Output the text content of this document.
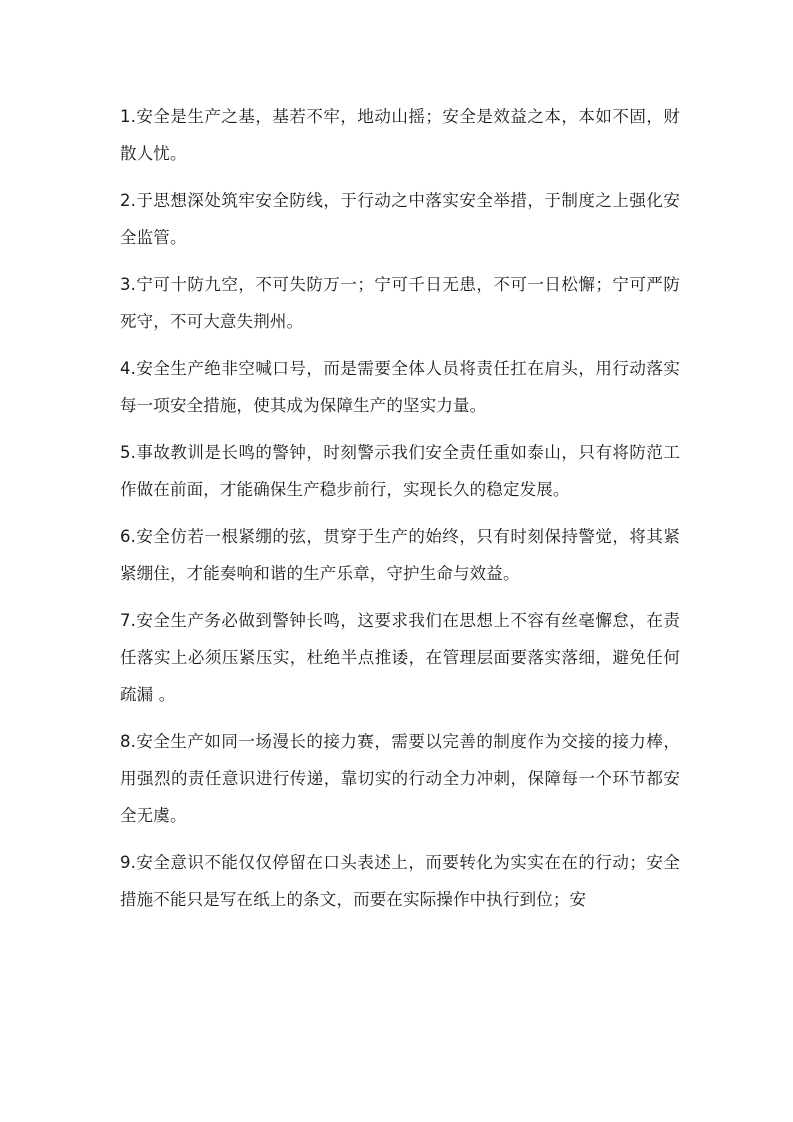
1.安全是生产之基，基若不牢，地动山摇；安全是效益之本，本如不固，财散人忧。

2.于思想深处筑牢安全防线，于行动之中落实安全举措，于制度之上强化安全监管。

3.宁可十防九空，不可失防万一；宁可千日无患，不可一日松懈；宁可严防死守，不可大意失荆州。

4.安全生产绝非空喊口号，而是需要全体人员将责任扛在肩头，用行动落实每一项安全措施，使其成为保障生产的坚实力量。

5.事故教训是长鸣的警钟，时刻警示我们安全责任重如泰山，只有将防范工作做在前面，才能确保生产稳步前行，实现长久的稳定发展。

6.安全仿若一根紧绷的弦，贯穿于生产的始终，只有时刻保持警觉，将其紧紧绷住，才能奏响和谐的生产乐章，守护生命与效益。

7.安全生产务必做到警钟长鸣，这要求我们在思想上不容有丝毫懈怠，在责任落实上必须压紧压实，杜绝半点推诿，在管理层面要落实落细，避免任何疏漏 。

8.安全生产如同一场漫长的接力赛，需要以完善的制度作为交接的接力棒，用强烈的责任意识进行传递，靠切实的行动全力冲刺，保障每一个环节都安全无虞。

9.安全意识不能仅仅停留在口头表述上，而要转化为实实在在的行动；安全措施不能只是写在纸上的条文，而要在实际操作中执行到位；安
